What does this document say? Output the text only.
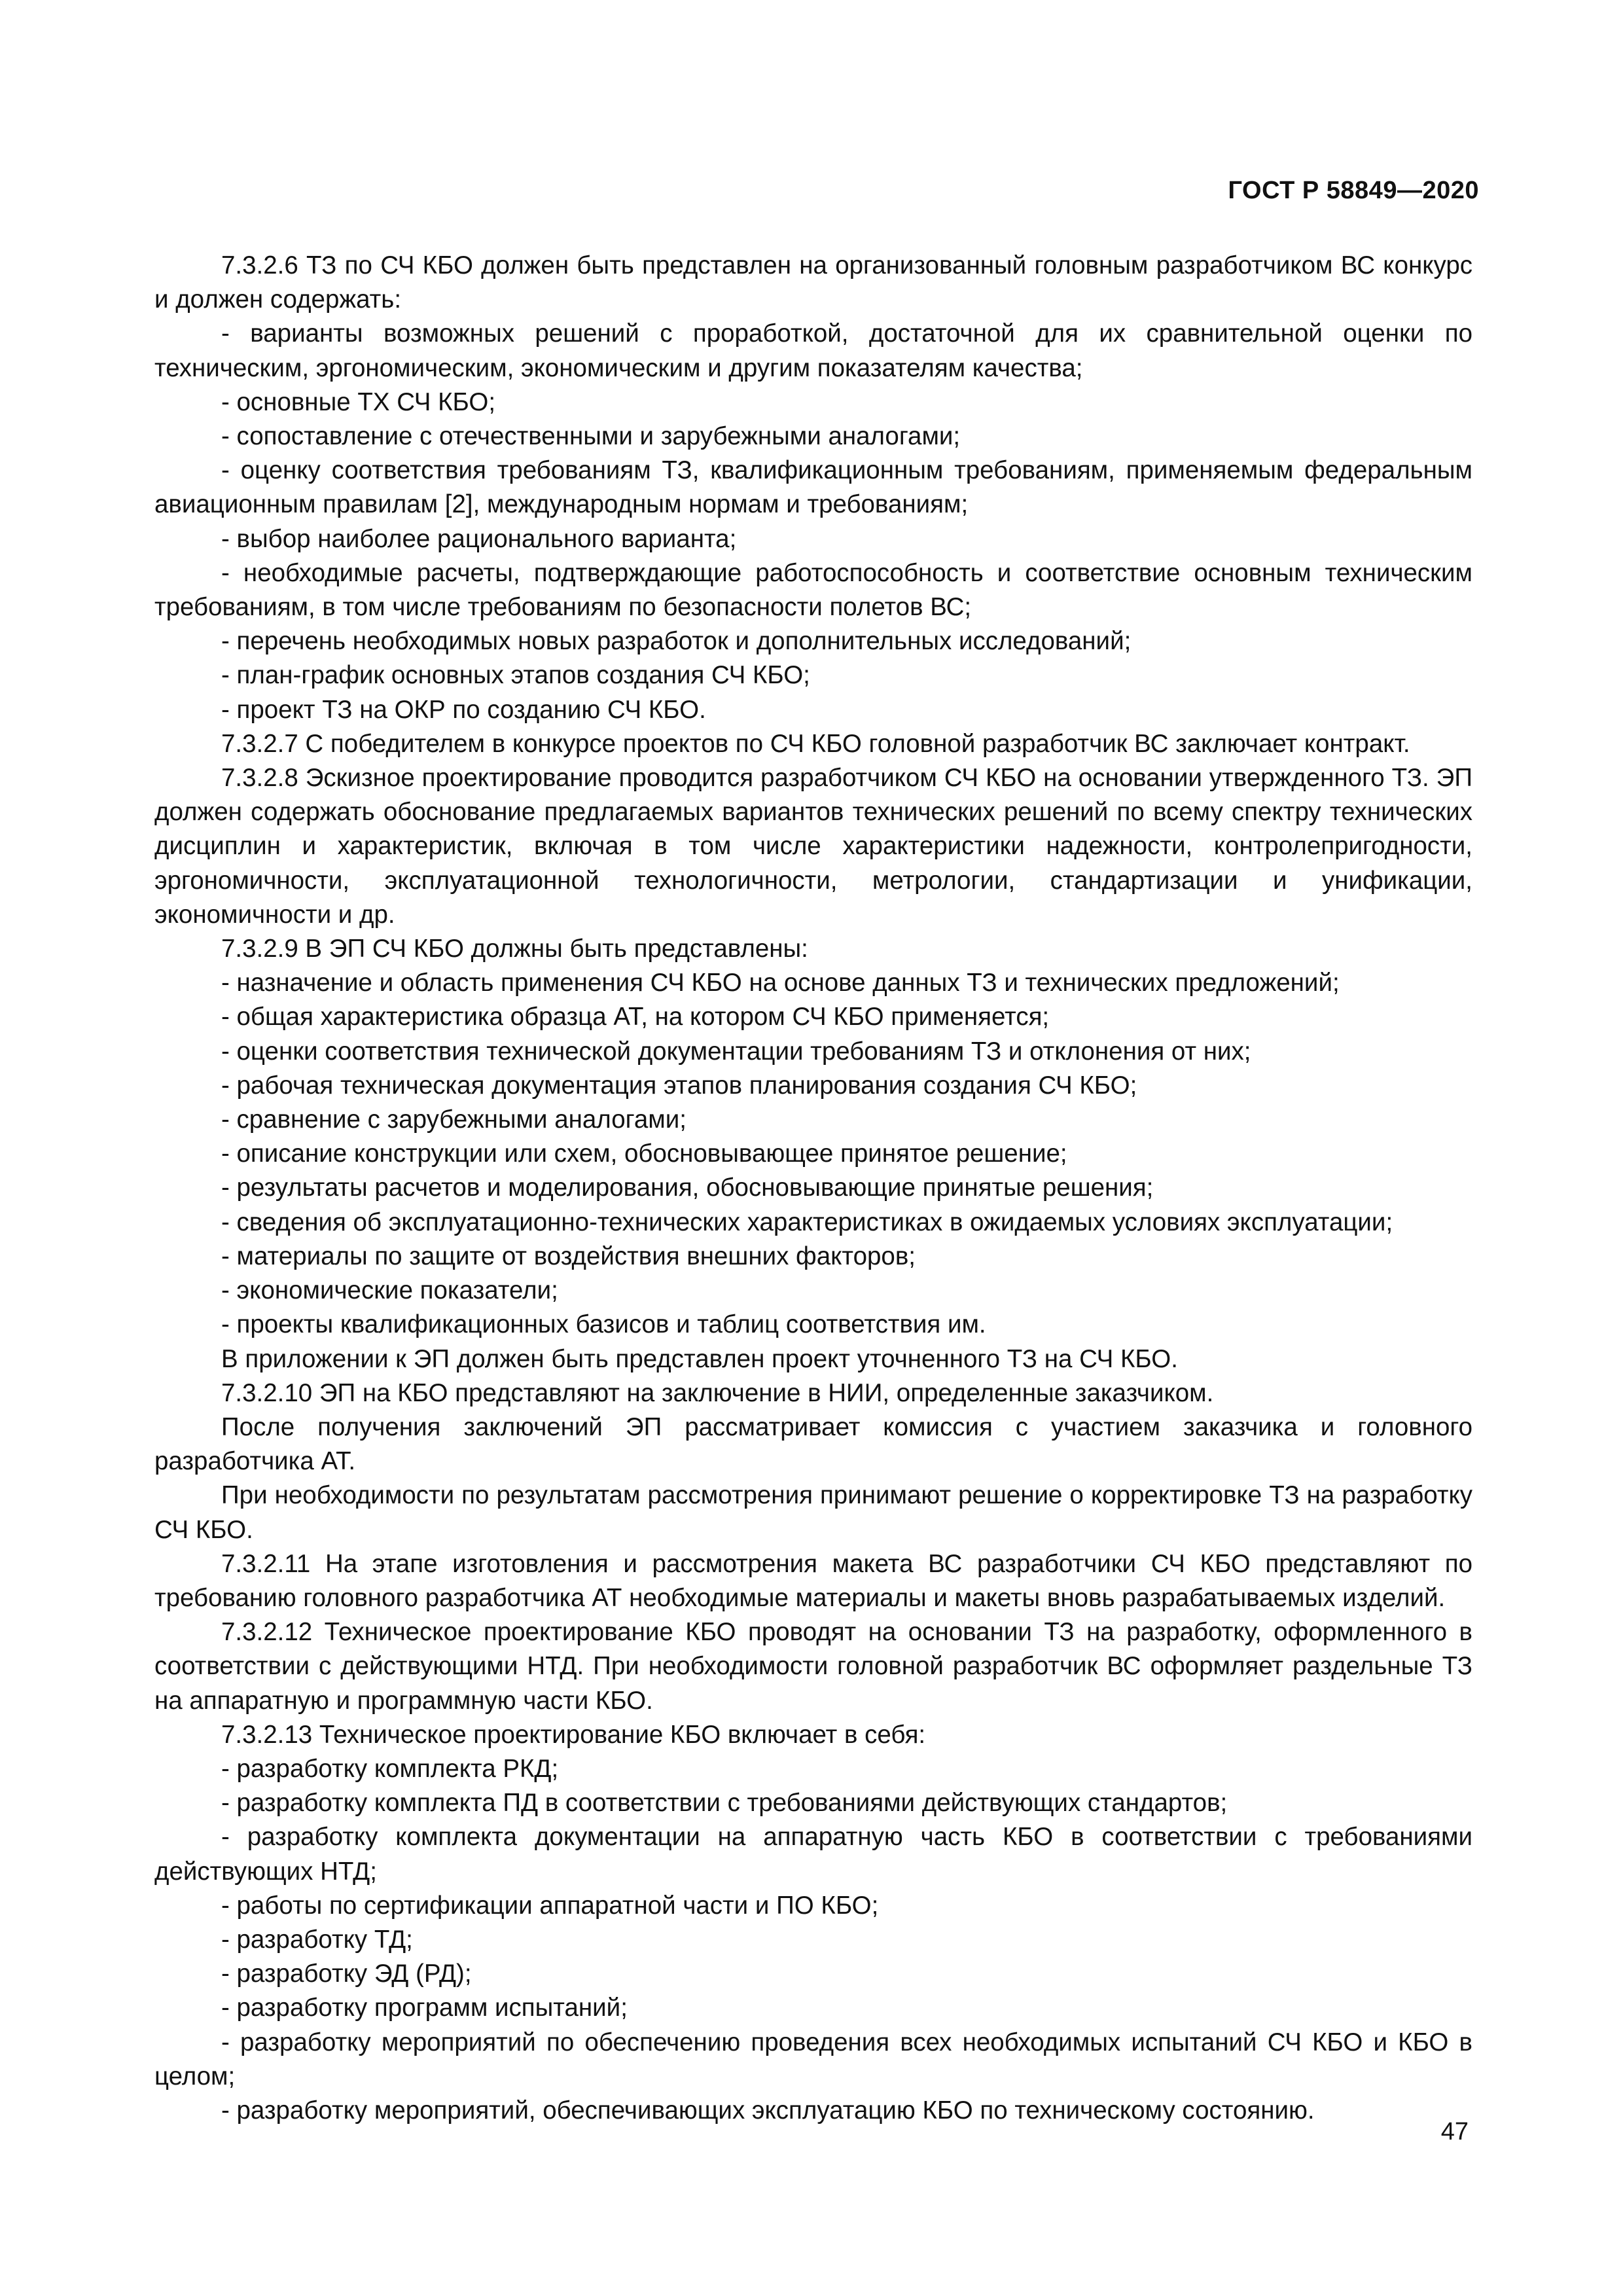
ГОСТ Р 58849—2020

7.3.2.6 ТЗ по СЧ КБО должен быть представлен на организованный головным разработчиком ВС конкурс и должен содержать:

- варианты возможных решений с проработкой, достаточной для их сравнительной оценки по техническим, эргономическим, экономическим и другим показателям качества;

- основные ТХ СЧ КБО;

- сопоставление с отечественными и зарубежными аналогами;

- оценку соответствия требованиям ТЗ, квалификационным требованиям, применяемым федеральным авиационным правилам [2], международным нормам и требованиям;

- выбор наиболее рационального варианта;

- необходимые расчеты, подтверждающие работоспособность и соответствие основным техническим требованиям, в том числе требованиям по безопасности полетов ВС;

- перечень необходимых новых разработок и дополнительных исследований;

- план-график основных этапов создания СЧ КБО;

- проект ТЗ на ОКР по созданию СЧ КБО.

7.3.2.7 С победителем в конкурсе проектов по СЧ КБО головной разработчик ВС заключает контракт.

7.3.2.8 Эскизное проектирование проводится разработчиком СЧ КБО на основании утвержденного ТЗ. ЭП должен содержать обоснование предлагаемых вариантов технических решений по всему спектру технических дисциплин и характеристик, включая в том числе характеристики надежности, контролепригодности, эргономичности, эксплуатационной технологичности, метрологии, стандартизации и унификации, экономичности и др.

7.3.2.9 В ЭП СЧ КБО должны быть представлены:

- назначение и область применения СЧ КБО на основе данных ТЗ и технических предложений;

- общая характеристика образца АТ, на котором СЧ КБО применяется;

- оценки соответствия технической документации требованиям ТЗ и отклонения от них;

- рабочая техническая документация этапов планирования создания СЧ КБО;

- сравнение с зарубежными аналогами;

- описание конструкции или схем, обосновывающее принятое решение;

- результаты расчетов и моделирования, обосновывающие принятые решения;

- сведения об эксплуатационно-технических характеристиках в ожидаемых условиях эксплуатации;

- материалы по защите от воздействия внешних факторов;

- экономические показатели;

- проекты квалификационных базисов и таблиц соответствия им.

В приложении к ЭП должен быть представлен проект уточненного ТЗ на СЧ КБО.

7.3.2.10 ЭП на КБО представляют на заключение в НИИ, определенные заказчиком.

После получения заключений ЭП рассматривает комиссия с участием заказчика и головного разработчика АТ.

При необходимости по результатам рассмотрения принимают решение о корректировке ТЗ на разработку СЧ КБО.

7.3.2.11 На этапе изготовления и рассмотрения макета ВС разработчики СЧ КБО представляют по требованию головного разработчика АТ необходимые материалы и макеты вновь разрабатываемых изделий.

7.3.2.12 Техническое проектирование КБО проводят на основании ТЗ на разработку, оформленного в соответствии с действующими НТД. При необходимости головной разработчик ВС оформляет раздельные ТЗ на аппаратную и программную части КБО.

7.3.2.13 Техническое проектирование КБО включает в себя:

- разработку комплекта РКД;

- разработку комплекта ПД в соответствии с требованиями действующих стандартов;

- разработку комплекта документации на аппаратную часть КБО в соответствии с требованиями действующих НТД;

- работы по сертификации аппаратной части и ПО КБО;

- разработку ТД;

- разработку ЭД (РД);

- разработку программ испытаний;

- разработку мероприятий по обеспечению проведения всех необходимых испытаний СЧ КБО и КБО в целом;

- разработку мероприятий, обеспечивающих эксплуатацию КБО по техническому состоянию.

47
